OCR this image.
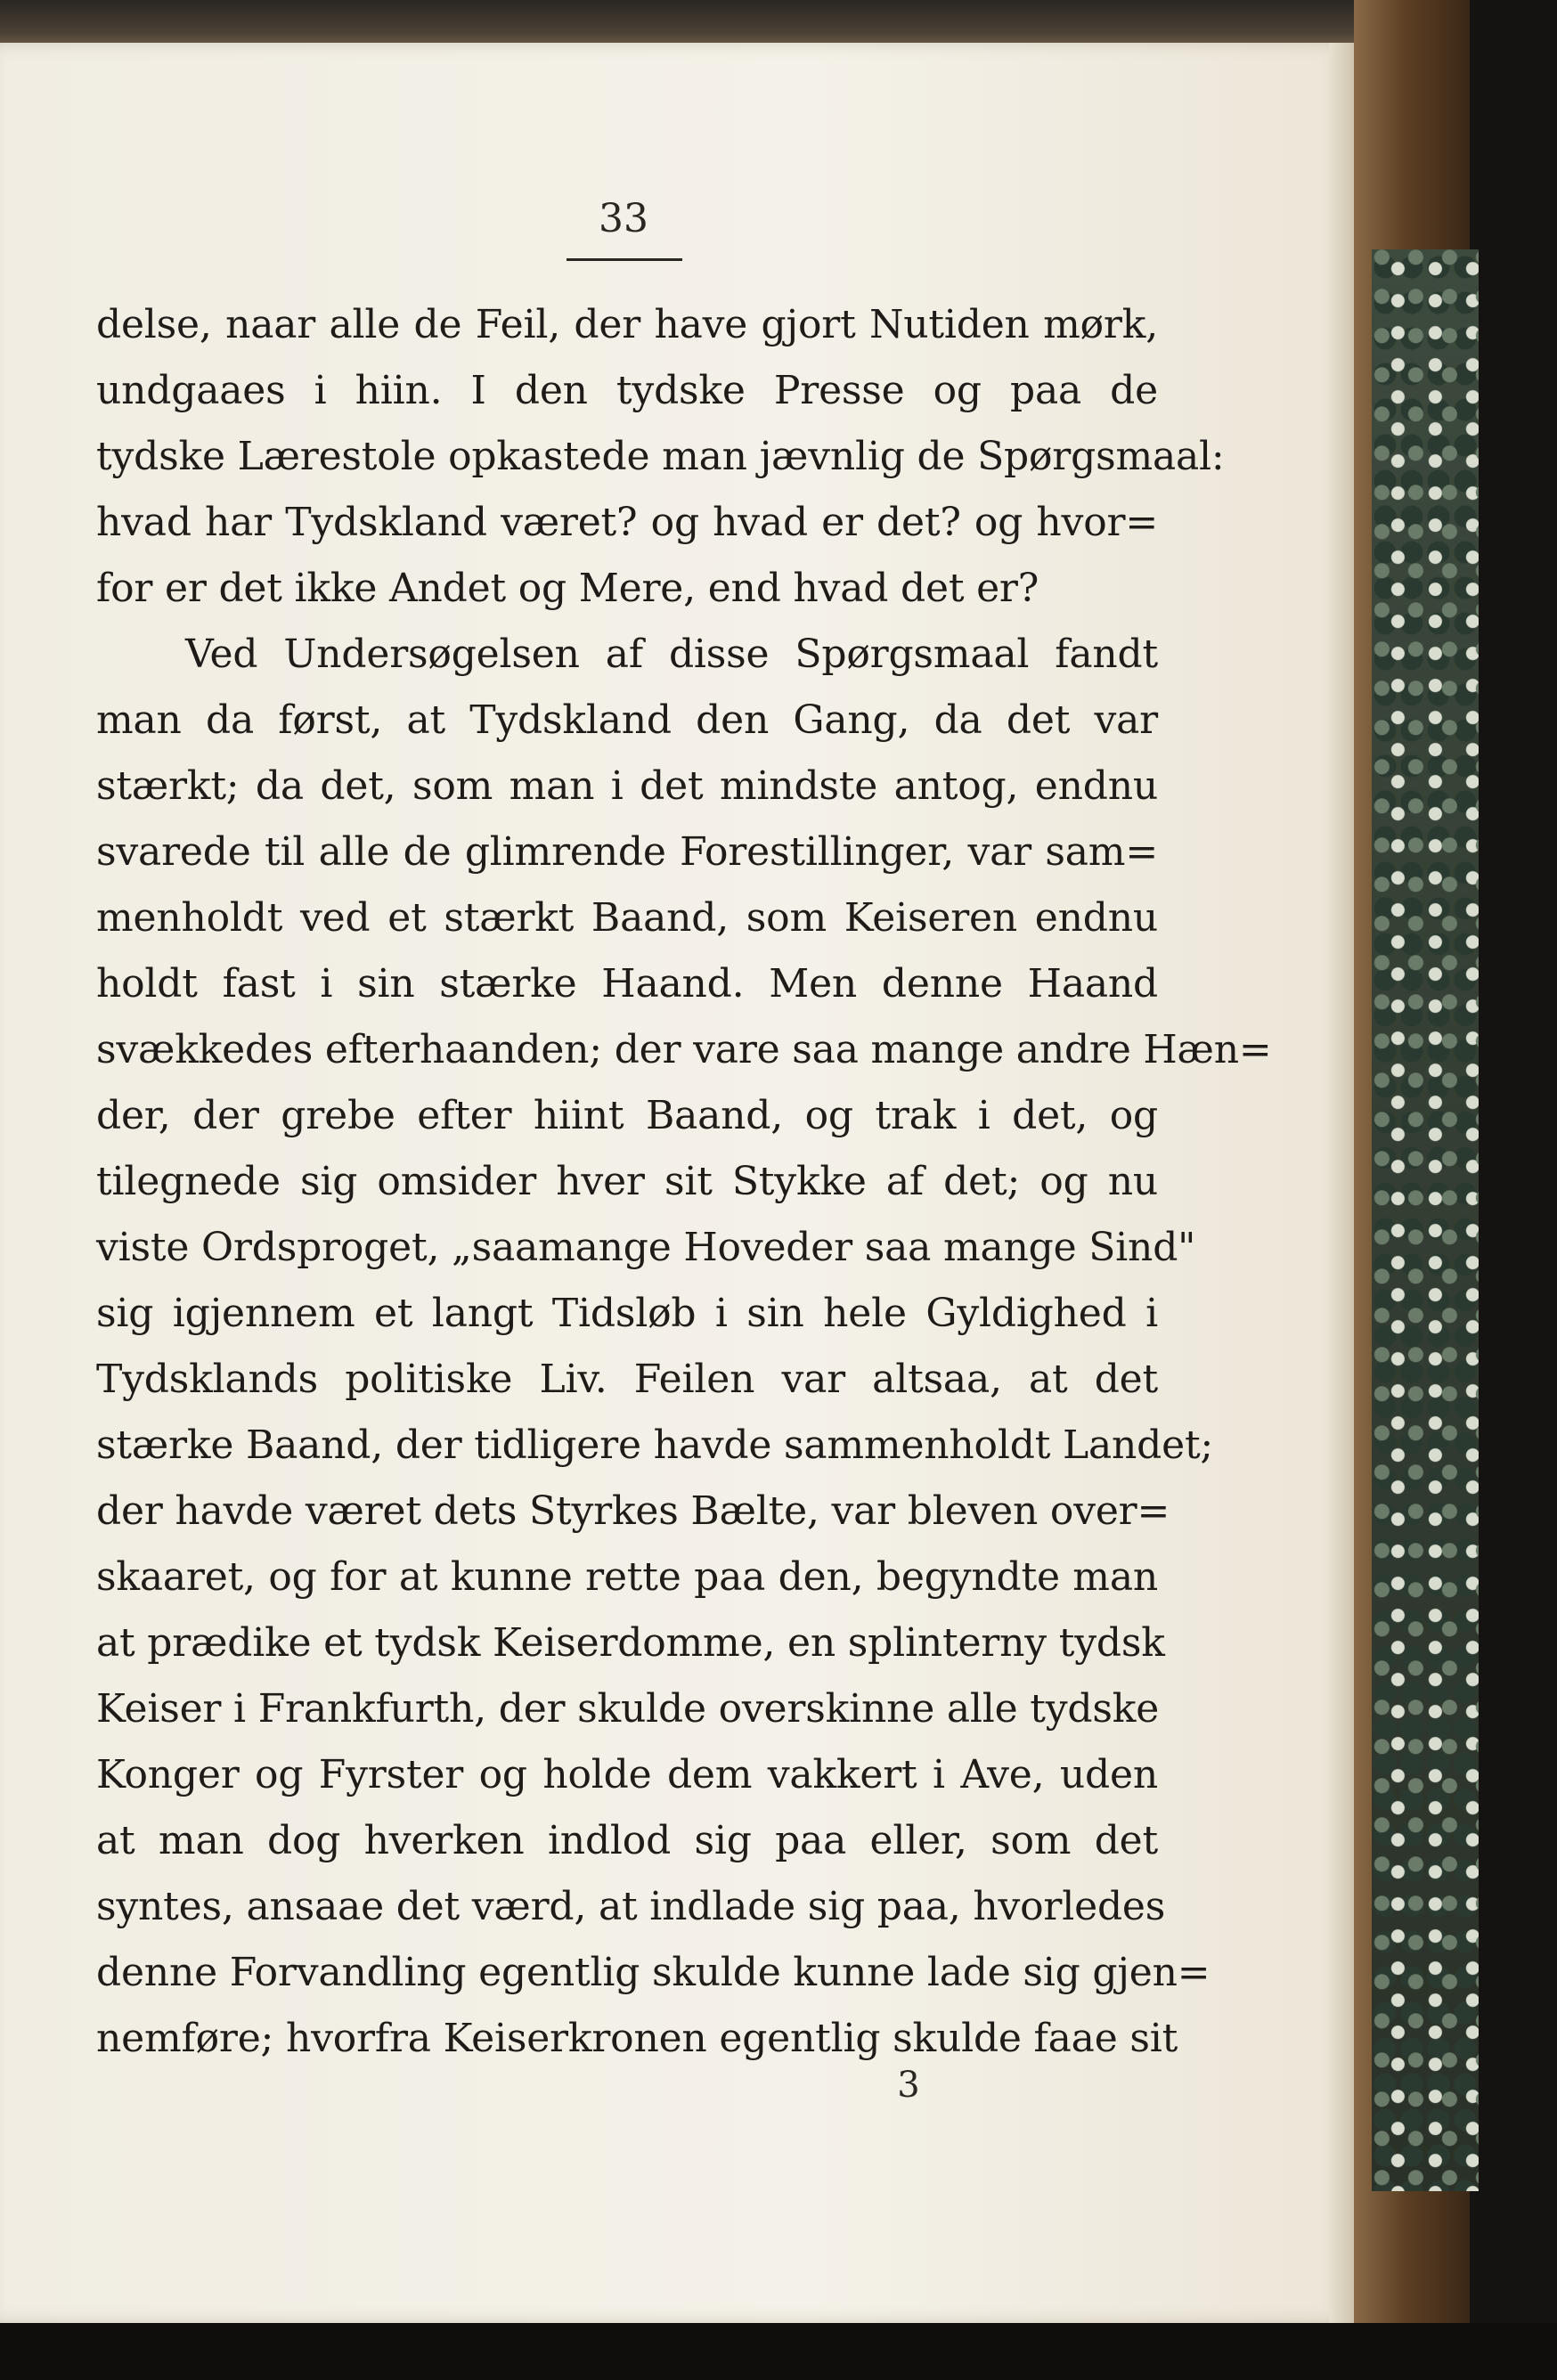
33
delse, naar alle de Feil, der have gjort Nutiden mørk,
undgaaes i hiin. I den tydske Presse og paa de
tydske Lærestole opkastede man jævnlig de Spørgsmaal:
hvad har Tydskland været? og hvad er det? og hvor=
for er det ikke Andet og Mere, end hvad det er?
Ved Undersøgelsen af disse Spørgsmaal fandt
man da først, at Tydskland den Gang, da det var
stærkt; da det, som man i det mindste antog, endnu
svarede til alle de glimrende Forestillinger, var sam=
menholdt ved et stærkt Baand, som Keiseren endnu
holdt fast i sin stærke Haand. Men denne Haand
svækkedes efterhaanden; der vare saa mange andre Hæn=
der, der grebe efter hiint Baand, og trak i det, og
tilegnede sig omsider hver sit Stykke af det; og nu
viste Ordsproget, „saamange Hoveder saa mange Sind"
sig igjennem et langt Tidsløb i sin hele Gyldighed i
Tydsklands politiske Liv. Feilen var altsaa, at det
stærke Baand, der tidligere havde sammenholdt Landet;
der havde været dets Styrkes Bælte, var bleven over=
skaaret, og for at kunne rette paa den, begyndte man
at prædike et tydsk Keiserdomme, en splinterny tydsk
Keiser i Frankfurth, der skulde overskinne alle tydske
Konger og Fyrster og holde dem vakkert i Ave, uden
at man dog hverken indlod sig paa eller, som det
syntes, ansaae det værd, at indlade sig paa, hvorledes
denne Forvandling egentlig skulde kunne lade sig gjen=
nemføre; hvorfra Keiserkronen egentlig skulde faae sit
3
